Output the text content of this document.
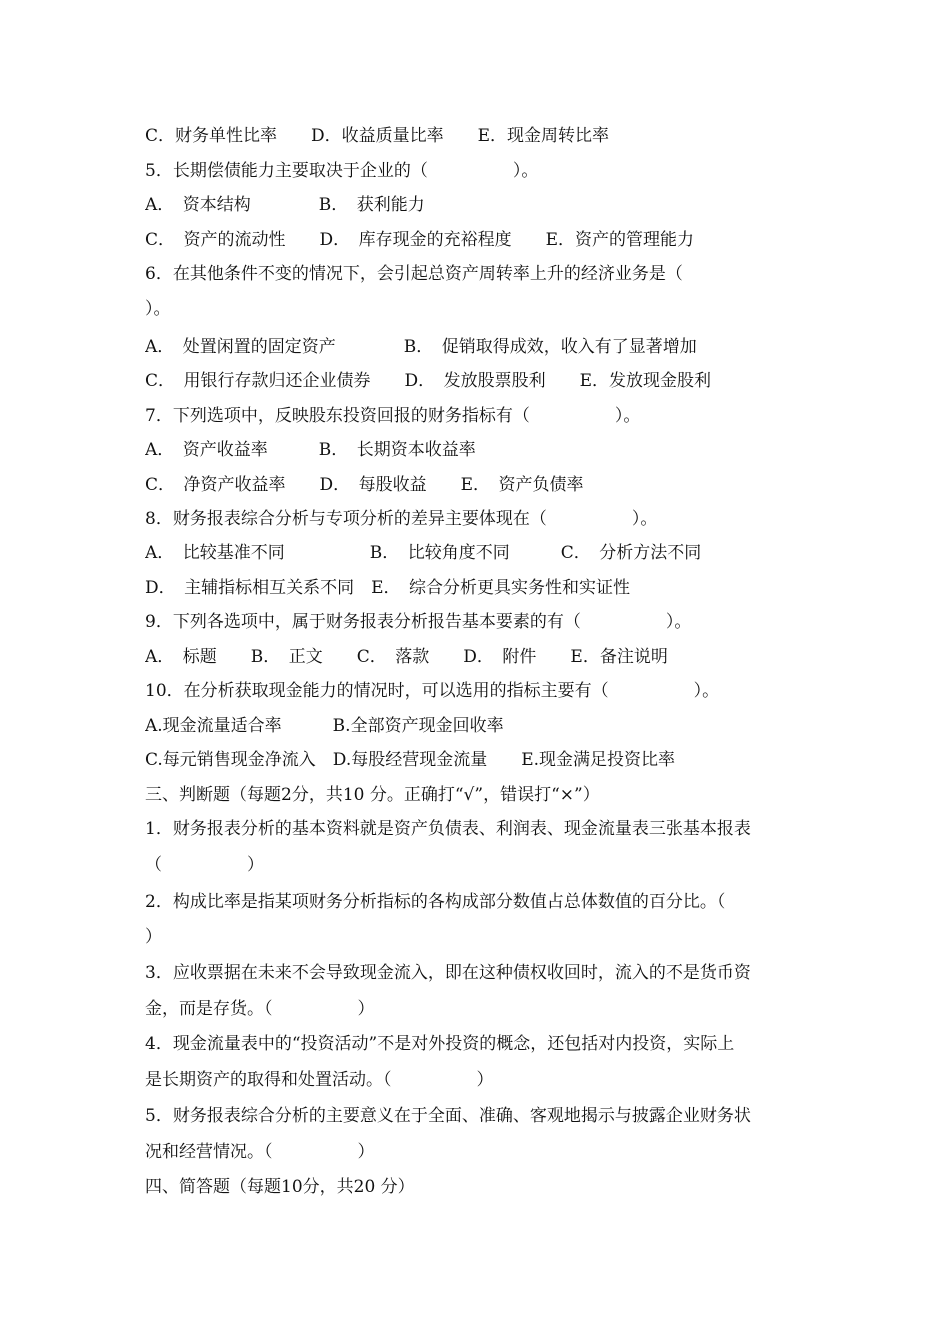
C．财务单性比率　　D．收益质量比率　　E．现金周转比率
5．长期偿债能力主要取决于企业的（　　　　　）。
A．　资本结构　　　　B．　获利能力
C．　资产的流动性　　D．　库存现金的充裕程度　　E．资产的管理能力
6．在其他条件不变的情况下，会引起总资产周转率上升的经济业务是（
）。
A．　处置闲置的固定资产　　　　B．　促销取得成效，收入有了显著增加
C．　用银行存款归还企业债券　　D．　发放股票股利　　E．发放现金股利
7．下列选项中，反映股东投资回报的财务指标有（　　　　　）。
A．　资产收益率　　　B．　长期资本收益率
C．　净资产收益率　　D．　每股收益　　E．　资产负债率
8．财务报表综合分析与专项分析的差异主要体现在（　　　　　）。
A．　比较基准不同　　　　　B．　比较角度不同　　　C．　分析方法不同
D．　主辅指标相互关系不同　E．　综合分析更具实务性和实证性
9．下列各选项中，属于财务报表分析报告基本要素的有（　　　　　）。
A．　标题　　B．　正文　　C．　落款　　D．　附件　　E．备注说明
10．在分析获取现金能力的情况时，可以选用的指标主要有（　　　　　）。
A.现金流量适合率　　　B.全部资产现金回收率
C.每元销售现金净流入　D.每股经营现金流量　　E.现金满足投资比率
三、判断题（每题2分，共10 分。正确打“√”，错误打“×”）
1．财务报表分析的基本资料就是资产负债表、利润表、现金流量表三张基本报表
（　　　　　）
2．构成比率是指某项财务分析指标的各构成部分数值占总体数值的百分比。（
）
3．应收票据在未来不会导致现金流入，即在这种债权收回时，流入的不是货币资
金，而是存货。（　　　　　）
4．现金流量表中的“投资活动”不是对外投资的概念，还包括对内投资，实际上
是长期资产的取得和处置活动。（　　　　　）
5．财务报表综合分析的主要意义在于全面、准确、客观地揭示与披露企业财务状
况和经营情况。（　　　　　）
四、简答题（每题10分，共20 分）
